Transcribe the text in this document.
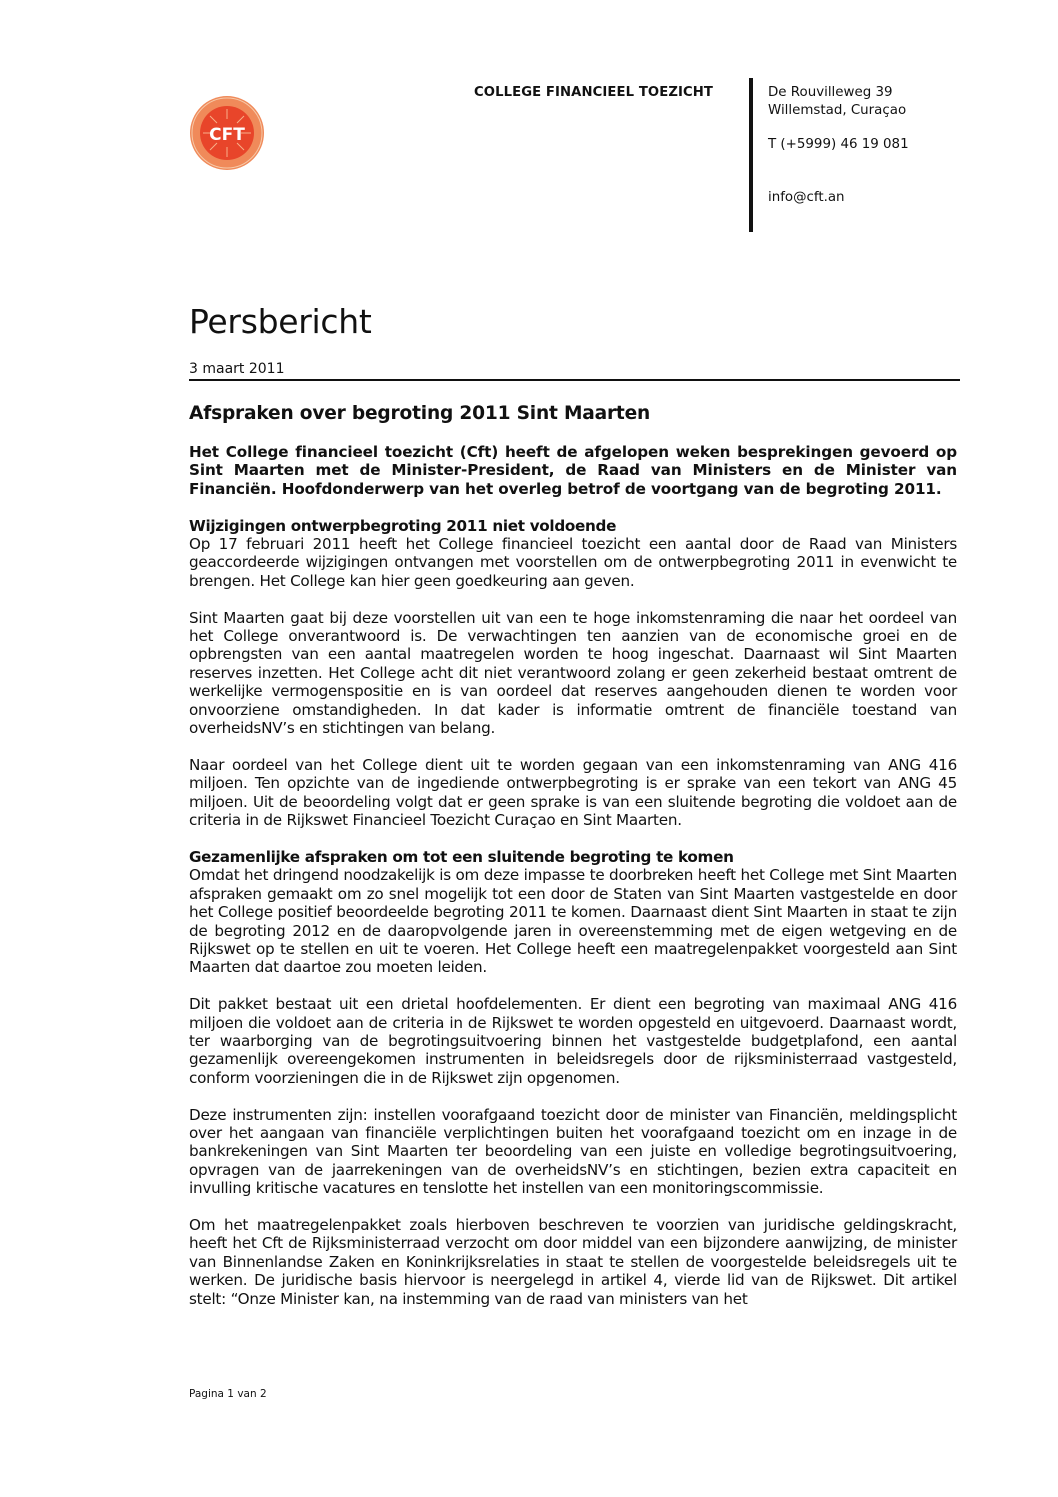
CFT
COLLEGE FINANCIEEL TOEZICHT	De Rouvilleweg 39
Willemstad, Curaçao
T (+5999) 46 19 081
info@cft.an
Persbericht
3 maart 2011
Afspraken over begroting 2011 Sint Maarten

Het College financieel toezicht (Cft) heeft de afgelopen weken besprekingen gevoerd op Sint Maarten met de Minister-President, de Raad van Ministers en de Minister van Financiën. Hoofdonderwerp van het overleg betrof de voortgang van de begroting 2011.

Wijzigingen ontwerpbegroting 2011 niet voldoende

Op 17 februari 2011 heeft het College financieel toezicht een aantal door de Raad van Ministers geaccordeerde wijzigingen ontvangen met voorstellen om de ontwerpbegroting 2011 in evenwicht te brengen. Het College kan hier geen goedkeuring aan geven.

Sint Maarten gaat bij deze voorstellen uit van een te hoge inkomstenraming die naar het oordeel van het College onverantwoord is. De verwachtingen ten aanzien van de economische groei en de opbrengsten van een aantal maatregelen worden te hoog ingeschat. Daarnaast wil Sint Maarten reserves inzetten. Het College acht dit niet verantwoord zolang er geen zekerheid bestaat omtrent de werkelijke vermogenspositie en is van oordeel dat reserves aangehouden dienen te worden voor onvoorziene omstandigheden. In dat kader is informatie omtrent de financiële toestand van overheidsNV’s en stichtingen van belang.

Naar oordeel van het College dient uit te worden gegaan van een inkomstenraming van ANG 416 miljoen. Ten opzichte van de ingediende ontwerpbegroting is er sprake van een tekort van ANG 45 miljoen. Uit de beoordeling volgt dat er geen sprake is van een sluitende begroting die voldoet aan de criteria in de Rijkswet Financieel Toezicht Curaçao en Sint Maarten.

Gezamenlijke afspraken om tot een sluitende begroting te komen

Omdat het dringend noodzakelijk is om deze impasse te doorbreken heeft het College met Sint Maarten afspraken gemaakt om zo snel mogelijk tot een door de Staten van Sint Maarten vastgestelde en door het College positief beoordeelde begroting 2011 te komen. Daarnaast dient Sint Maarten in staat te zijn de begroting 2012 en de daaropvolgende jaren in overeenstemming met de eigen wetgeving en de Rijkswet op te stellen en uit te voeren. Het College heeft een maatregelenpakket voorgesteld aan Sint Maarten dat daartoe zou moeten leiden.

Dit pakket bestaat uit een drietal hoofdelementen. Er dient een begroting van maximaal ANG 416 miljoen die voldoet aan de criteria in de Rijkswet te worden opgesteld en uitgevoerd. Daarnaast wordt, ter waarborging van de begrotingsuitvoering binnen het vastgestelde budgetplafond, een aantal gezamenlijk overeengekomen instrumenten in beleidsregels door de rijksministerraad vastgesteld, conform voorzieningen die in de Rijkswet zijn opgenomen.

Deze instrumenten zijn: instellen voorafgaand toezicht door de minister van Financiën, meldingsplicht over het aangaan van financiële verplichtingen buiten het voorafgaand toezicht om en inzage in de bankrekeningen van Sint Maarten ter beoordeling van een juiste en volledige begrotingsuitvoering, opvragen van de jaarrekeningen van de overheidsNV’s en stichtingen, bezien extra capaciteit en invulling kritische vacatures en tenslotte het instellen van een monitoringscommissie.

Om het maatregelenpakket zoals hierboven beschreven te voorzien van juridische geldingskracht, heeft het Cft de Rijksministerraad verzocht om door middel van een bijzondere aanwijzing, de minister van Binnenlandse Zaken en Koninkrijksrelaties in staat te stellen de voorgestelde beleidsregels uit te werken. De juridische basis hiervoor is neergelegd in artikel 4, vierde lid van de Rijkswet. Dit artikel stelt: “Onze Minister kan, na instemming van de raad van ministers van het

Pagina 1 van 2
